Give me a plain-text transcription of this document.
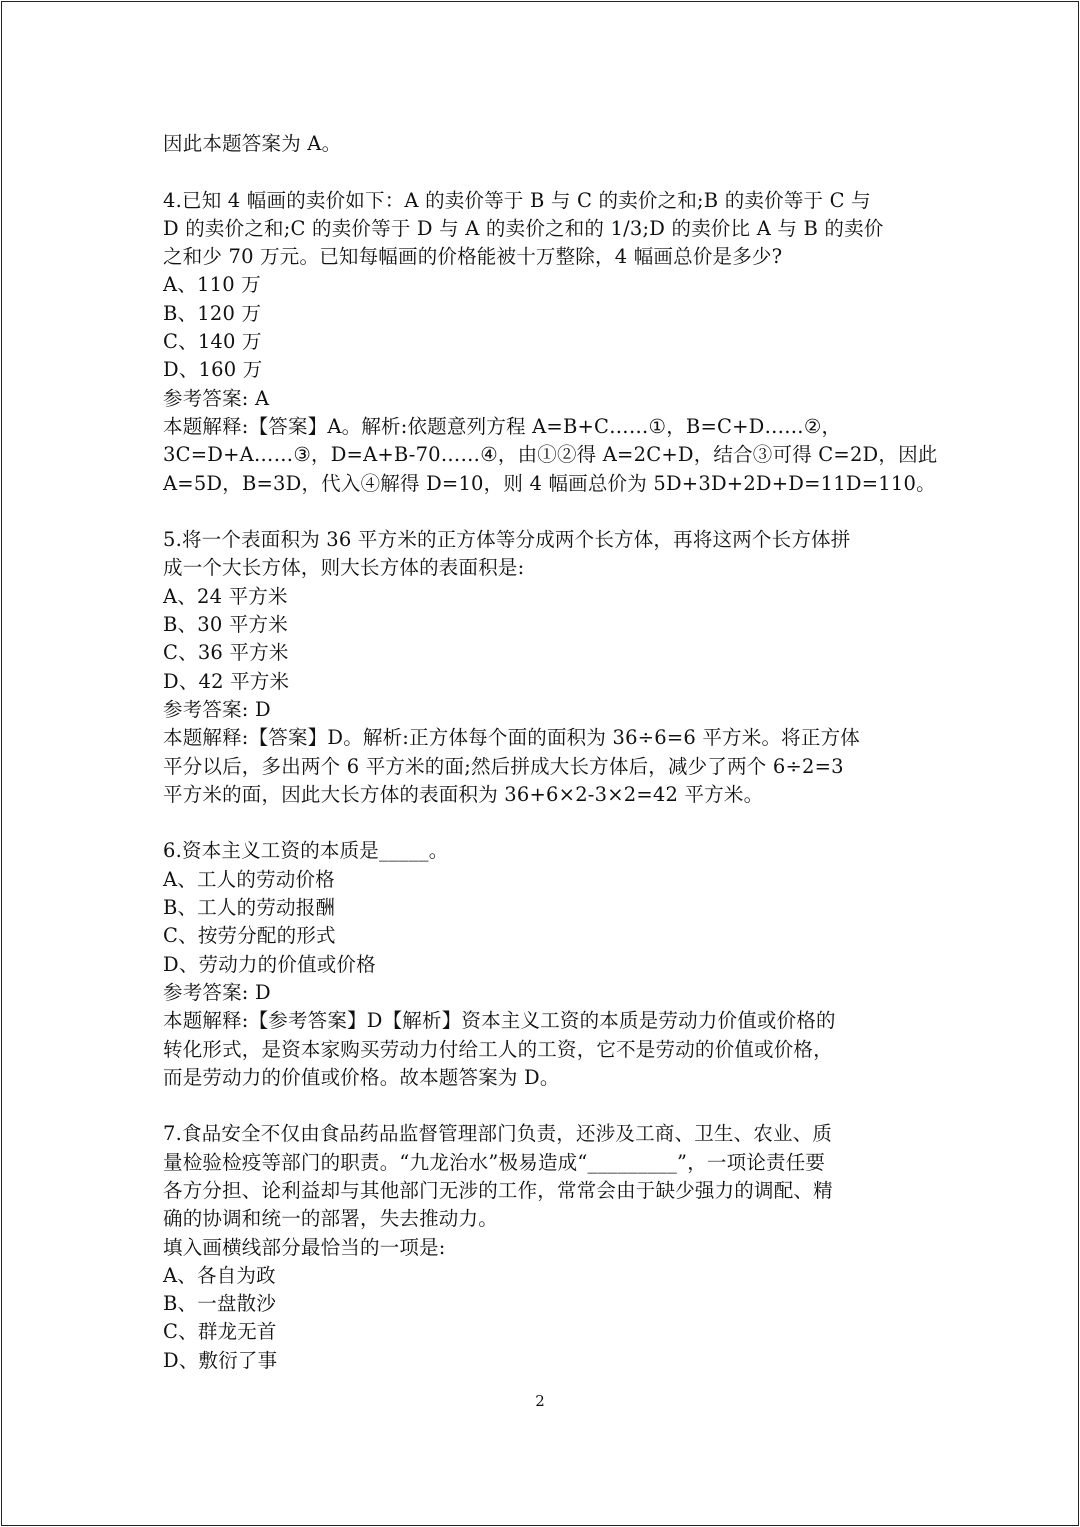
因此本题答案为 A。
4.已知 4 幅画的卖价如下：A 的卖价等于 B 与 C 的卖价之和;B 的卖价等于 C 与
D 的卖价之和;C 的卖价等于 D 与 A 的卖价之和的 1/3;D 的卖价比 A 与 B 的卖价
之和少 70 万元。已知每幅画的价格能被十万整除，4 幅画总价是多少?
A、110 万
B、120 万
C、140 万
D、160 万
参考答案: A
本题解释:【答案】A。解析:依题意列方程 A=B+C……①，B=C+D……②，
3C=D+A……③，D=A+B-70……④，由①②得 A=2C+D，结合③可得 C=2D，因此
A=5D，B=3D，代入④解得 D=10，则 4 幅画总价为 5D+3D+2D+D=11D=110。
5.将一个表面积为 36 平方米的正方体等分成两个长方体，再将这两个长方体拼
成一个大长方体，则大长方体的表面积是:
A、24 平方米
B、30 平方米
C、36 平方米
D、42 平方米
参考答案: D
本题解释:【答案】D。解析:正方体每个面的面积为 36÷6=6 平方米。将正方体
平分以后，多出两个 6 平方米的面;然后拼成大长方体后，减少了两个 6÷2=3
平方米的面，因此大长方体的表面积为 36+6×2-3×2=42 平方米。
6.资本主义工资的本质是_____。
A、工人的劳动价格
B、工人的劳动报酬
C、按劳分配的形式
D、劳动力的价值或价格
参考答案: D
本题解释:【参考答案】D【解析】资本主义工资的本质是劳动力价值或价格的
转化形式，是资本家购买劳动力付给工人的工资，它不是劳动的价值或价格，
而是劳动力的价值或价格。故本题答案为 D。
7.食品安全不仅由食品药品监督管理部门负责，还涉及工商、卫生、农业、质
量检验检疫等部门的职责。“九龙治水”极易造成“_________”，一项论责任要
各方分担、论利益却与其他部门无涉的工作，常常会由于缺少强力的调配、精
确的协调和统一的部署，失去推动力。
填入画横线部分最恰当的一项是:
A、各自为政
B、一盘散沙
C、群龙无首
D、敷衍了事
2
